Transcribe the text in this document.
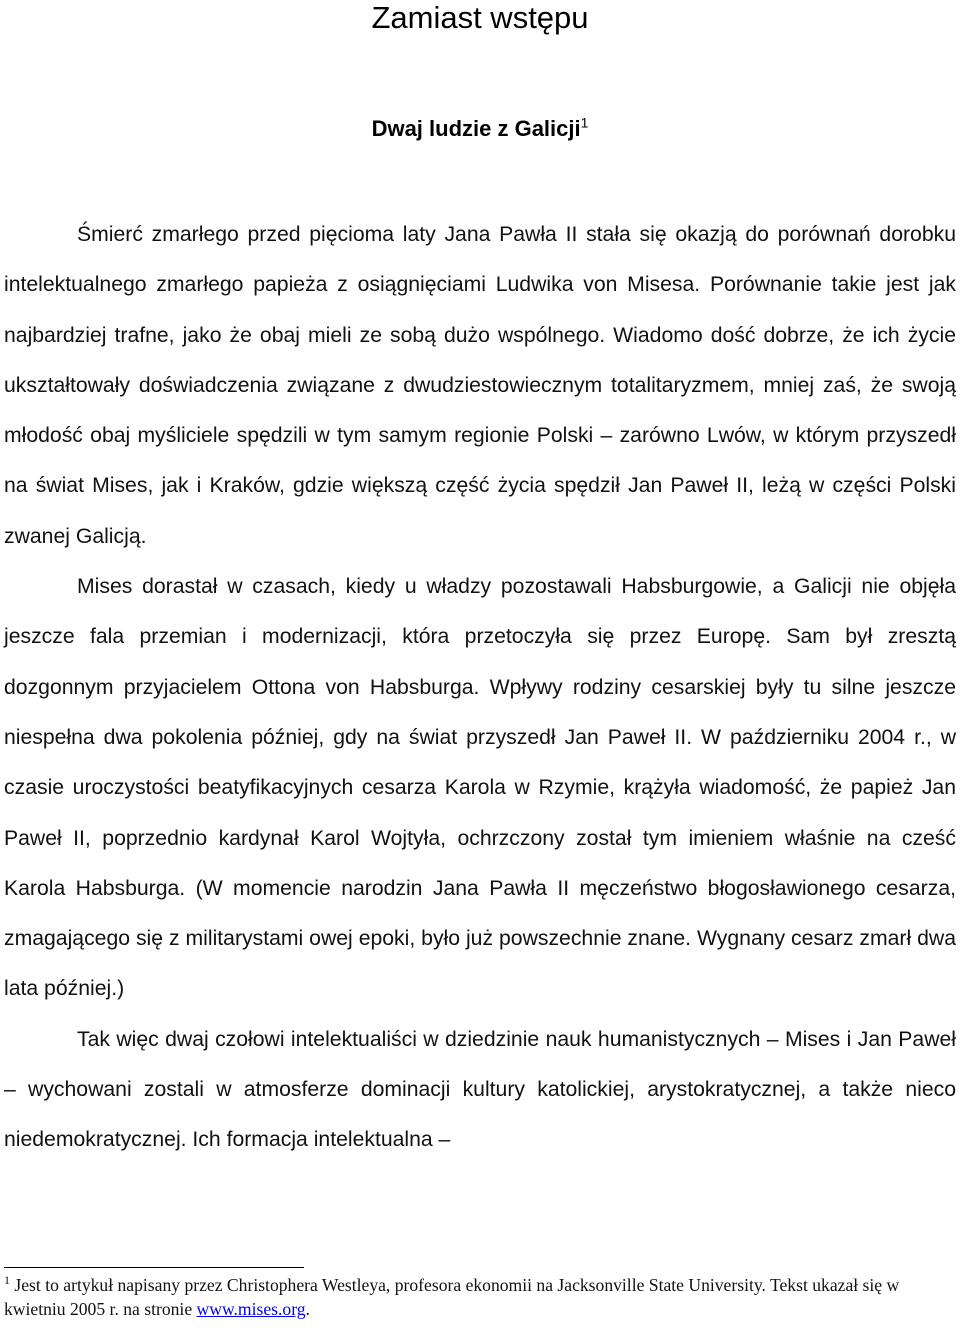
Zamiast wstępu
Dwaj ludzie z Galicji$^1$

Śmierć zmarłego przed pięcioma laty Jana Pawła II stała się okazją do porównań dorobku intelektualnego zmarłego papieża z osiągnięciami Ludwika von Misesa. Porównanie takie jest jak najbardziej trafne, jako że obaj mieli ze sobą dużo wspólnego. Wiadomo dość dobrze, że ich życie ukształtowały doświadczenia związane z dwudziestowiecznym totalitaryzmem, mniej zaś, że swoją młodość obaj myśliciele spędzili w tym samym regionie Polski – zarówno Lwów, w którym przyszedł na świat Mises, jak i Kraków, gdzie większą część życia spędził Jan Paweł II, leżą w części Polski zwanej Galicją.

Mises dorastał w czasach, kiedy u władzy pozostawali Habsburgowie, a Galicji nie objęła jeszcze fala przemian i modernizacji, która przetoczyła się przez Europę. Sam był zresztą dozgonnym przyjacielem Ottona von Habsburga. Wpływy rodziny cesarskiej były tu silne jeszcze niespełna dwa pokolenia później, gdy na świat przyszedł Jan Paweł II. W październiku 2004 r., w czasie uroczystości beatyfikacyjnych cesarza Karola w Rzymie, krążyła wiadomość, że papież Jan Paweł II, poprzednio kardynał Karol Wojtyła, ochrzczony został tym imieniem właśnie na cześć Karola Habsburga. (W momencie narodzin Jana Pawła II męczeństwo błogosławionego cesarza, zmagającego się z militarystami owej epoki, było już powszechnie znane. Wygnany cesarz zmarł dwa lata później.)

Tak więc dwaj czołowi intelektualiści w dziedzinie nauk humanistycznych – Mises i Jan Paweł – wychowani zostali w atmosferze dominacji kultury katolickiej, arystokratycznej, a także nieco niedemokratycznej. Ich formacja intelektualna –

$^1$ Jest to artykuł napisany przez Christophera Westleya, profesora ekonomii na Jacksonville State University. Tekst ukazał się w kwietniu 2005 r. na stronie www.mises.org.
